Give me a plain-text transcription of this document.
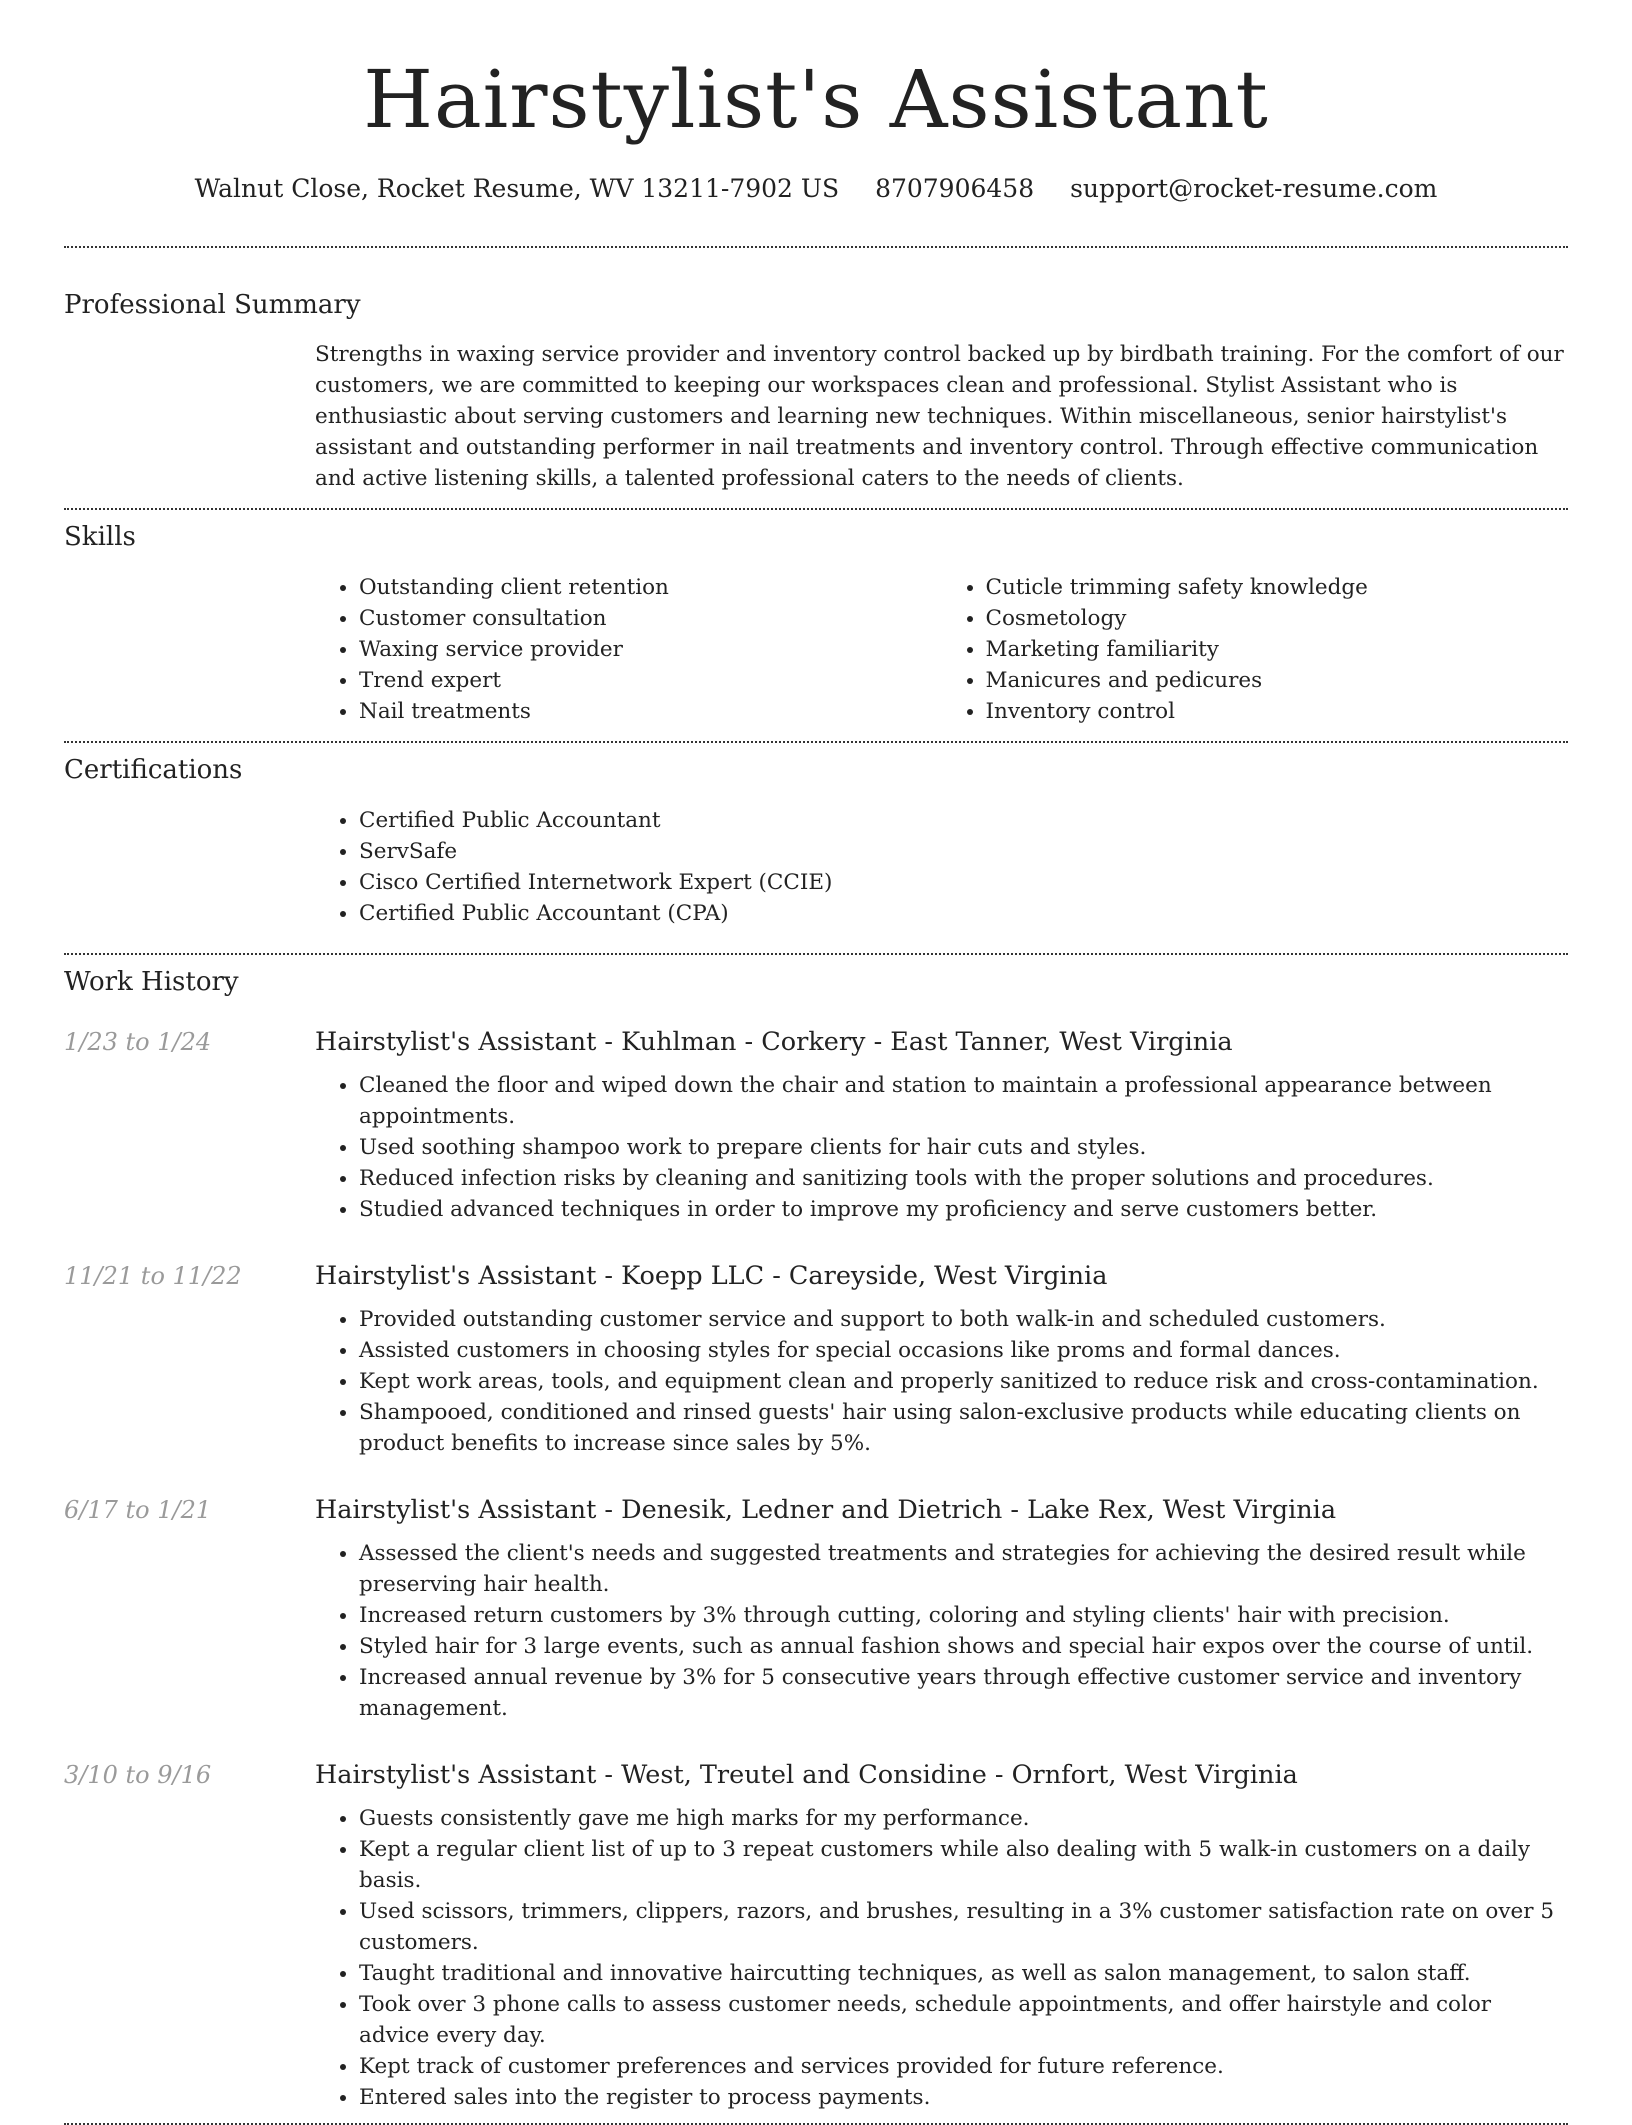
Hairstylist's Assistant
Walnut Close, Rocket Resume, WV 13211-7902 US 8707906458 support@rocket-resume.com
Professional Summary
Strengths in waxing service provider and inventory control backed up by birdbath training. For the comfort of our customers, we are committed to keeping our workspaces clean and professional. Stylist Assistant who is enthusiastic about serving customers and learning new techniques. Within miscellaneous, senior hairstylist's assistant and outstanding performer in nail treatments and inventory control. Through effective communication and active listening skills, a talented professional caters to the needs of clients.
Skills
• Outstanding client retention
• Customer consultation
• Waxing service provider
• Trend expert
• Nail treatments
• Cuticle trimming safety knowledge
• Cosmetology
• Marketing familiarity
• Manicures and pedicures
• Inventory control
Certifications
• Certified Public Accountant
• ServSafe
• Cisco Certified Internetwork Expert (CCIE)
• Certified Public Accountant (CPA)
Work History
1/23 to 1/24	Hairstylist's Assistant - Kuhlman - Corkery - East Tanner, West Virginia
• Cleaned the floor and wiped down the chair and station to maintain a professional appearance between appointments.
• Used soothing shampoo work to prepare clients for hair cuts and styles.
• Reduced infection risks by cleaning and sanitizing tools with the proper solutions and procedures.
• Studied advanced techniques in order to improve my proficiency and serve customers better.
11/21 to 11/22	Hairstylist's Assistant - Koepp LLC - Careyside, West Virginia
• Provided outstanding customer service and support to both walk-in and scheduled customers.
• Assisted customers in choosing styles for special occasions like proms and formal dances.
• Kept work areas, tools, and equipment clean and properly sanitized to reduce risk and cross-contamination.
• Shampooed, conditioned and rinsed guests' hair using salon-exclusive products while educating clients on product benefits to increase since sales by 5%.
6/17 to 1/21	Hairstylist's Assistant - Denesik, Ledner and Dietrich - Lake Rex, West Virginia
• Assessed the client's needs and suggested treatments and strategies for achieving the desired result while preserving hair health.
• Increased return customers by 3% through cutting, coloring and styling clients' hair with precision.
• Styled hair for 3 large events, such as annual fashion shows and special hair expos over the course of until.
• Increased annual revenue by 3% for 5 consecutive years through effective customer service and inventory management.
3/10 to 9/16	Hairstylist's Assistant - West, Treutel and Considine - Ornfort, West Virginia
• Guests consistently gave me high marks for my performance.
• Kept a regular client list of up to 3 repeat customers while also dealing with 5 walk-in customers on a daily basis.
• Used scissors, trimmers, clippers, razors, and brushes, resulting in a 3% customer satisfaction rate on over 5 customers.
• Taught traditional and innovative haircutting techniques, as well as salon management, to salon staff.
• Took over 3 phone calls to assess customer needs, schedule appointments, and offer hairstyle and color advice every day.
• Kept track of customer preferences and services provided for future reference.
• Entered sales into the register to process payments.
